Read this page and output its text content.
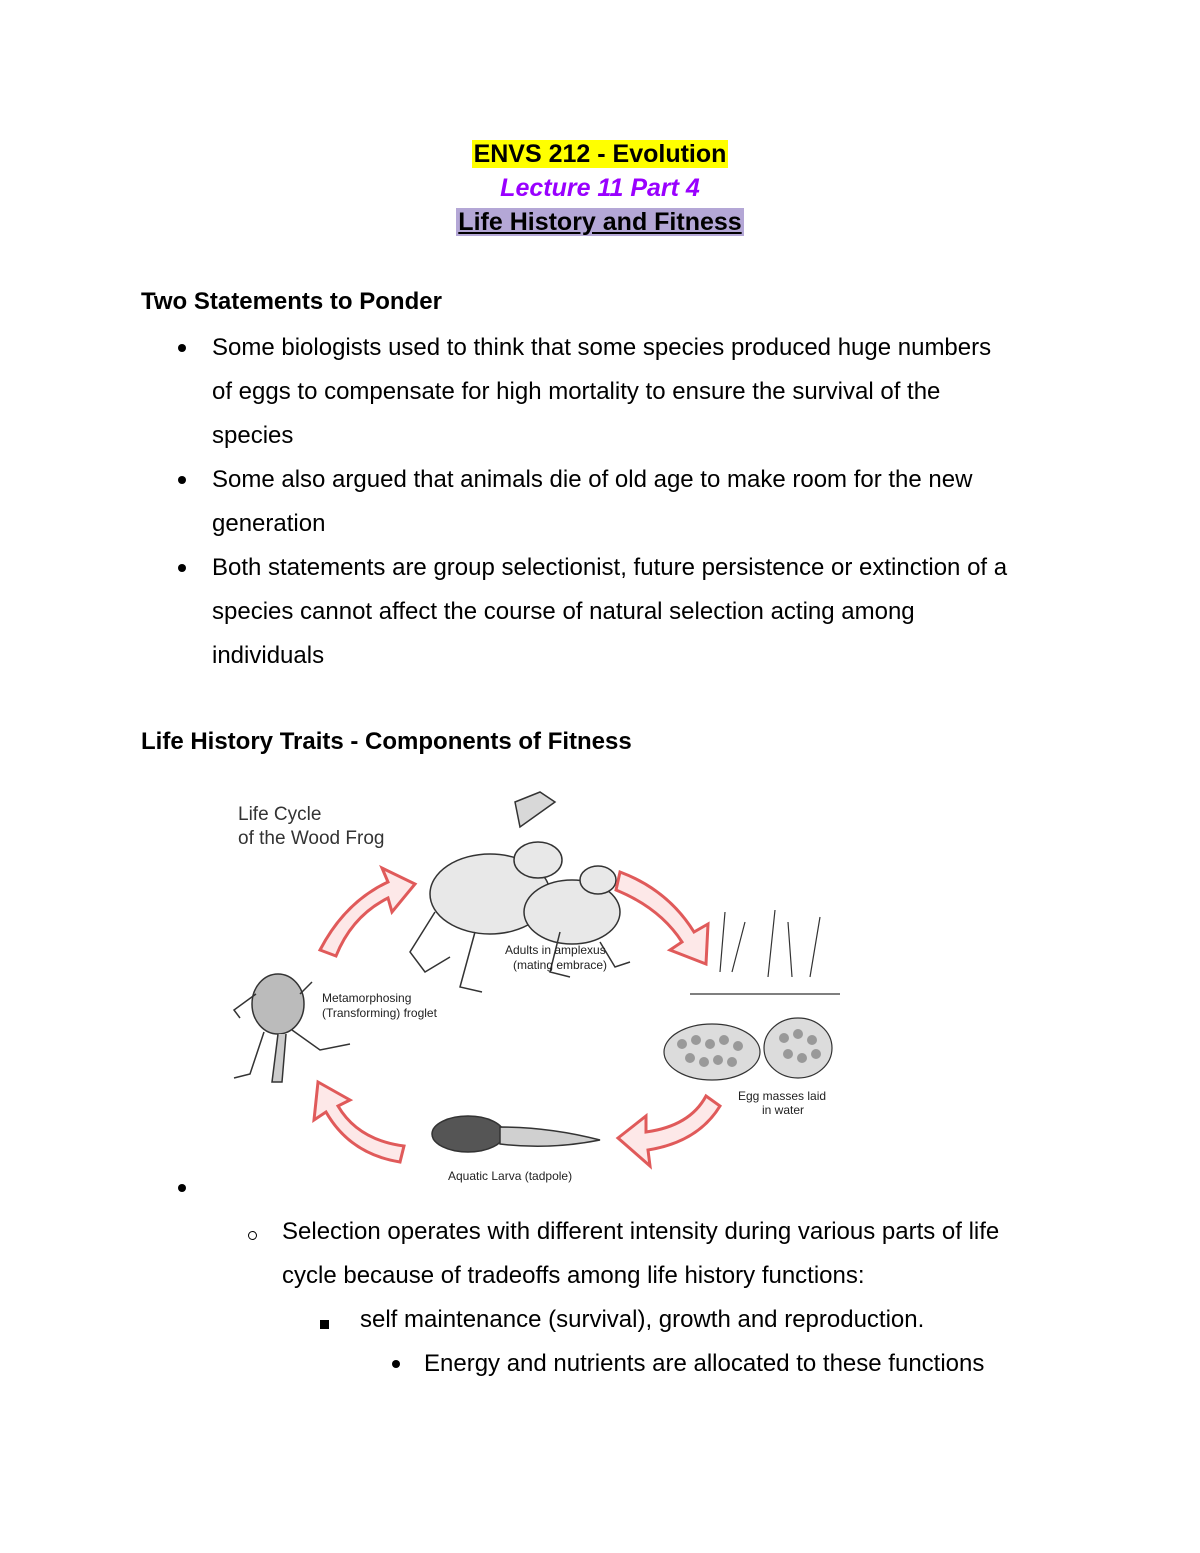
ENVS 212 - Evolution
Lecture 11 Part 4
Life History and Fitness
Two Statements to Ponder
Some biologists used to think that some species produced huge numbers
of eggs to compensate for high mortality to ensure the survival of the
species
Some also argued that animals die of old age to make room for the new
generation
Both statements are group selectionist, future persistence or extinction of a
species cannot affect the course of natural selection acting among
individuals
Life History Traits - Components of Fitness
Life Cycle
of the Wood Frog
Adults in amplexus
(mating embrace)
Egg masses laid
in water
Aquatic Larva (tadpole)
Metamorphosing
(Transforming) froglet
Selection operates with different intensity during various parts of life
cycle because of tradeoffs among life history functions:
self maintenance (survival), growth and reproduction.
Energy and nutrients are allocated to these functions
